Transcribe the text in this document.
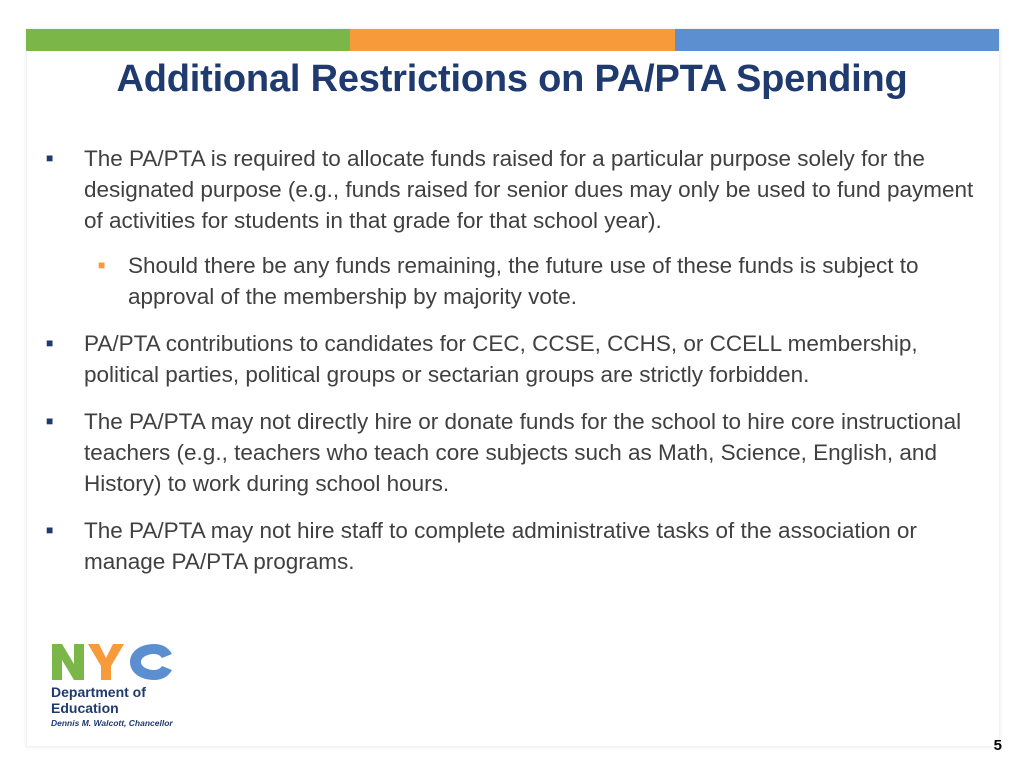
Additional Restrictions on PA/PTA Spending
■ The PA/PTA is required to allocate funds raised for a particular purpose solely for the designated purpose (e.g., funds raised for senior dues may only be used to fund payment of activities for students in that grade for that school year).
■ Should there be any funds remaining, the future use of these funds is subject to approval of the membership by majority vote.
■ PA/PTA contributions to candidates for CEC, CCSE, CCHS, or CCELL membership, political parties, political groups or sectarian groups are strictly forbidden.
■ The PA/PTA may not directly hire or donate funds for the school to hire core instructional teachers (e.g., teachers who teach core subjects such as Math, Science, English, and History) to work during school hours.
■ The PA/PTA may not hire staff to complete administrative tasks of the association or manage PA/PTA programs.
Department of
Education
Dennis M. Walcott, Chancellor
5
